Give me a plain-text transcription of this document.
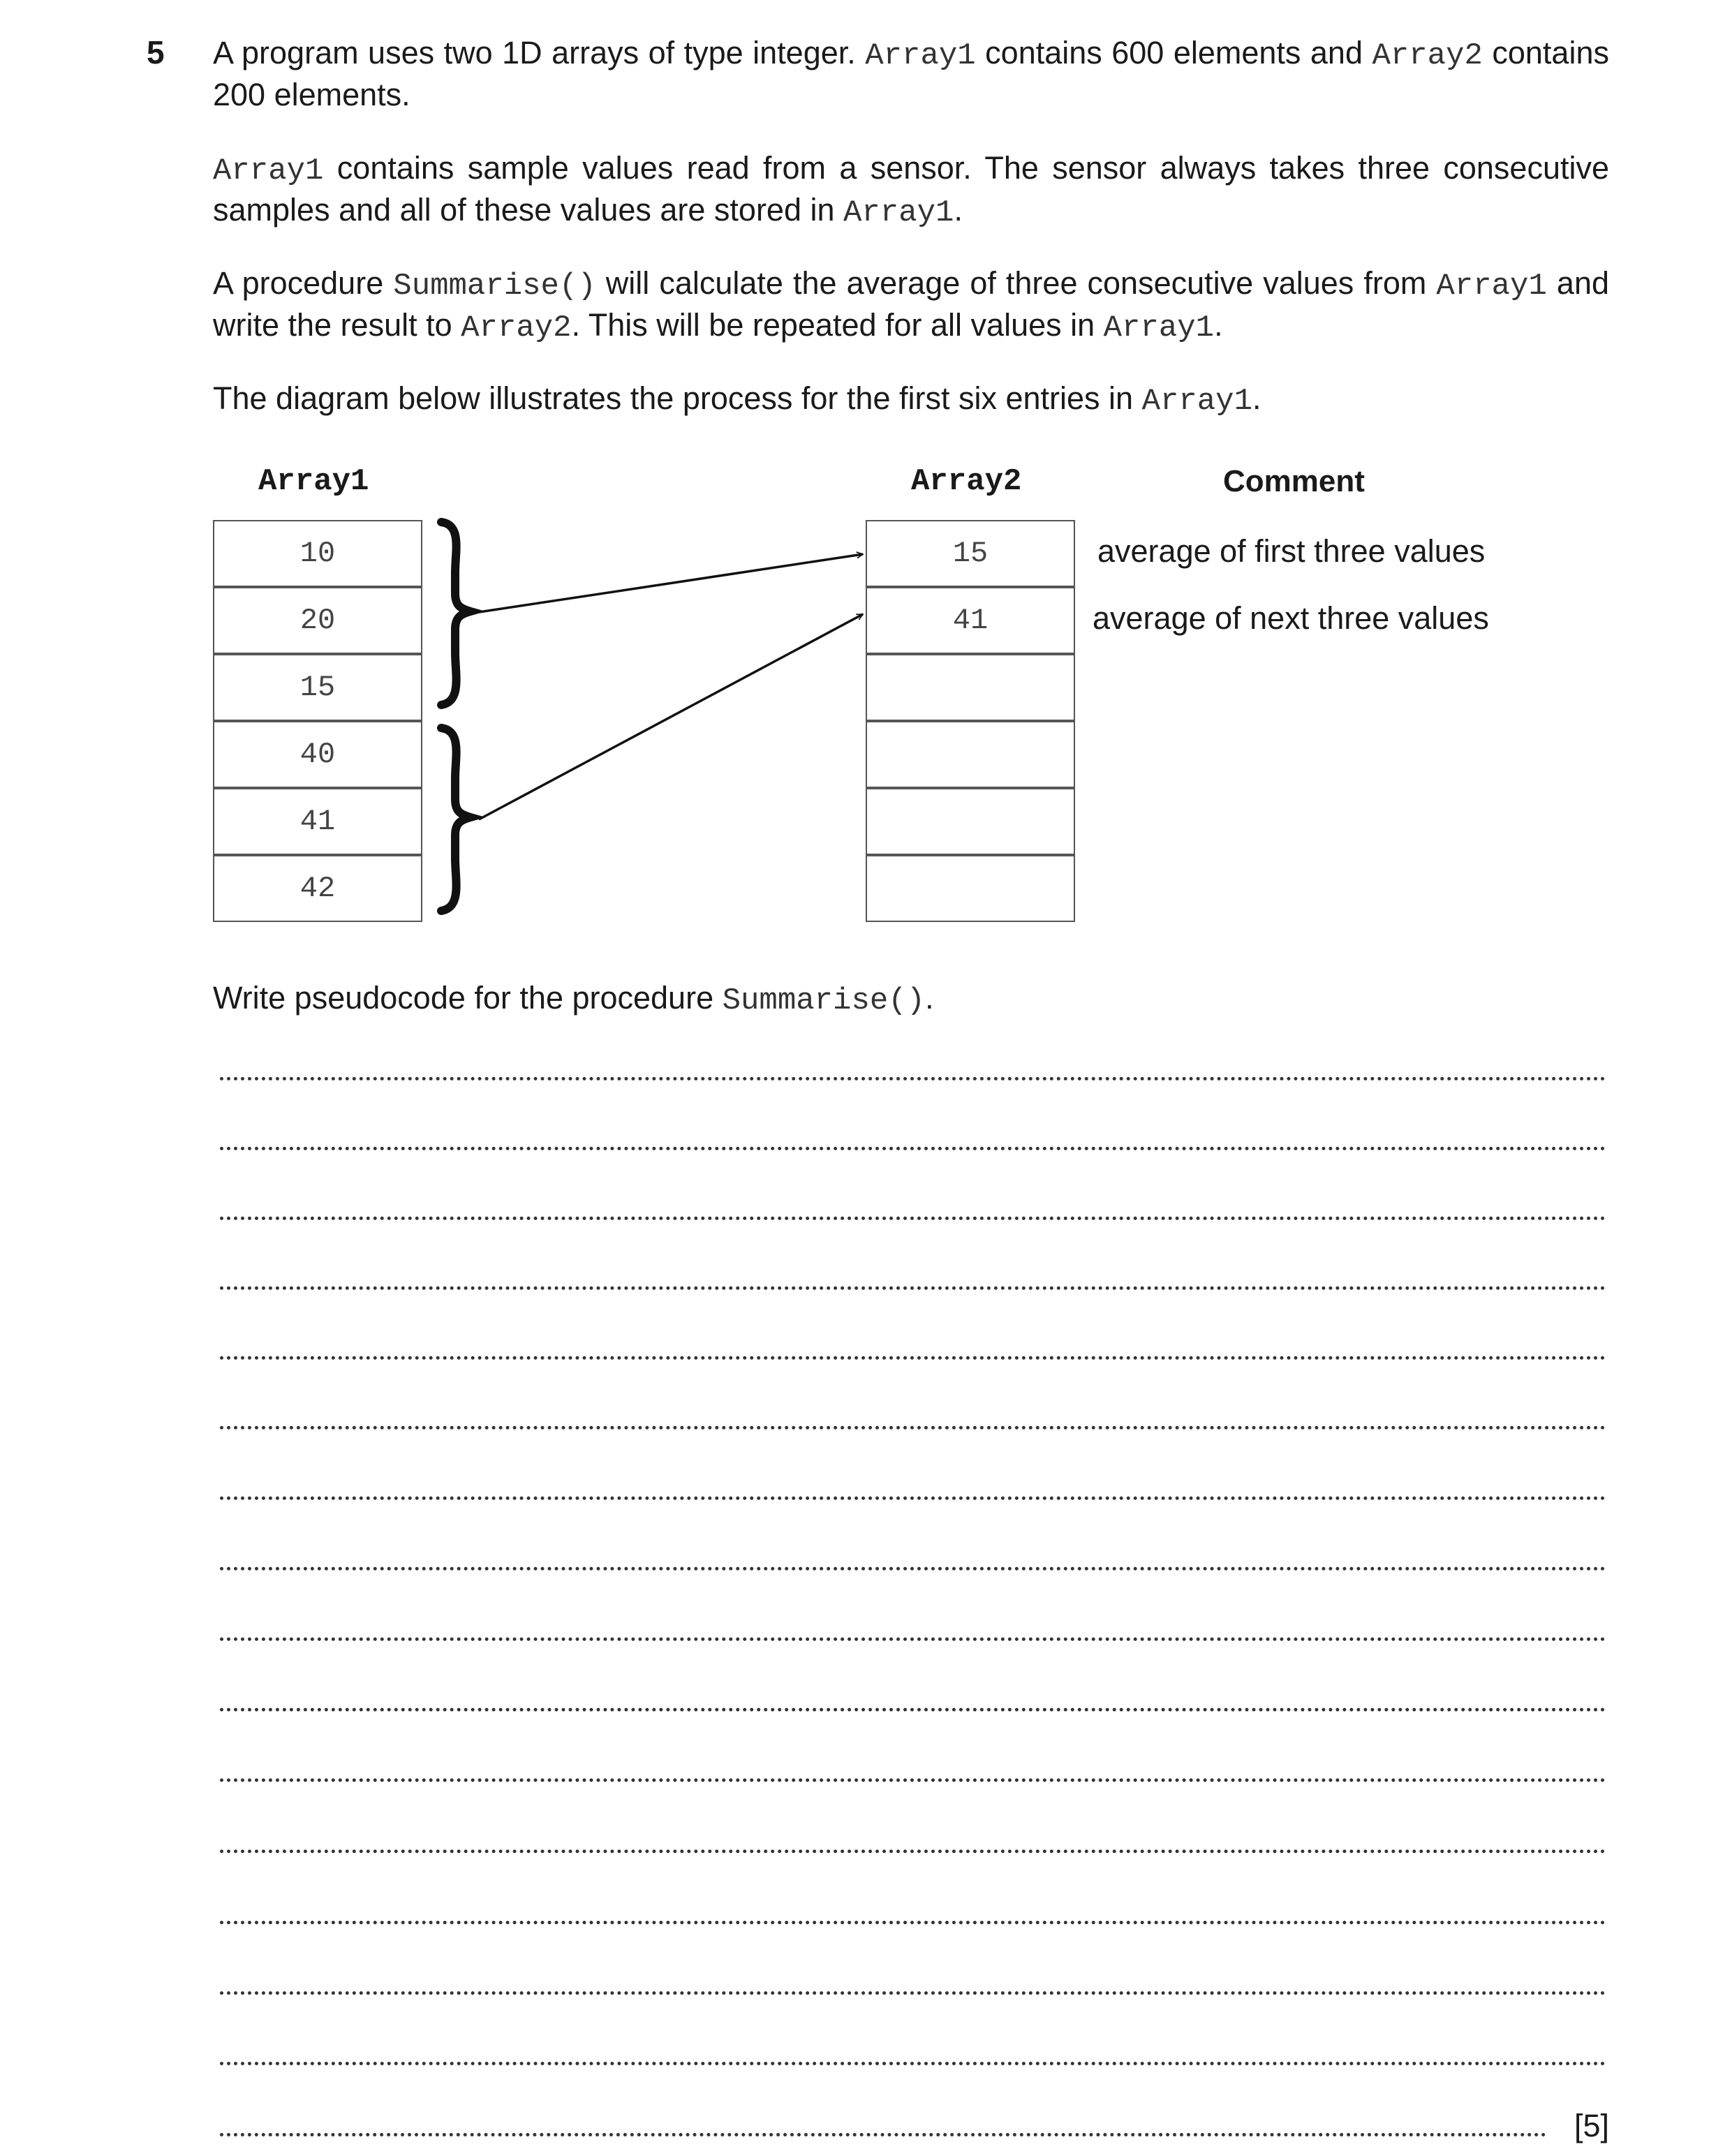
5 A program uses two 1D arrays of type integer. Array1 contains 600 elements and Array2 contains 200 elements.

Array1 contains sample values read from a sensor. The sensor always takes three consecutive samples and all of these values are stored in Array1.

A procedure Summarise() will calculate the average of three consecutive values from Array1 and write the result to Array2. This will be repeated for all values in Array1.

The diagram below illustrates the process for the first six entries in Array1.

Array1	Array2	Comment
10
20
15
40
41
42
15
41
average of first three values
average of next three values

Write pseudocode for the procedure Summarise().

[5]
